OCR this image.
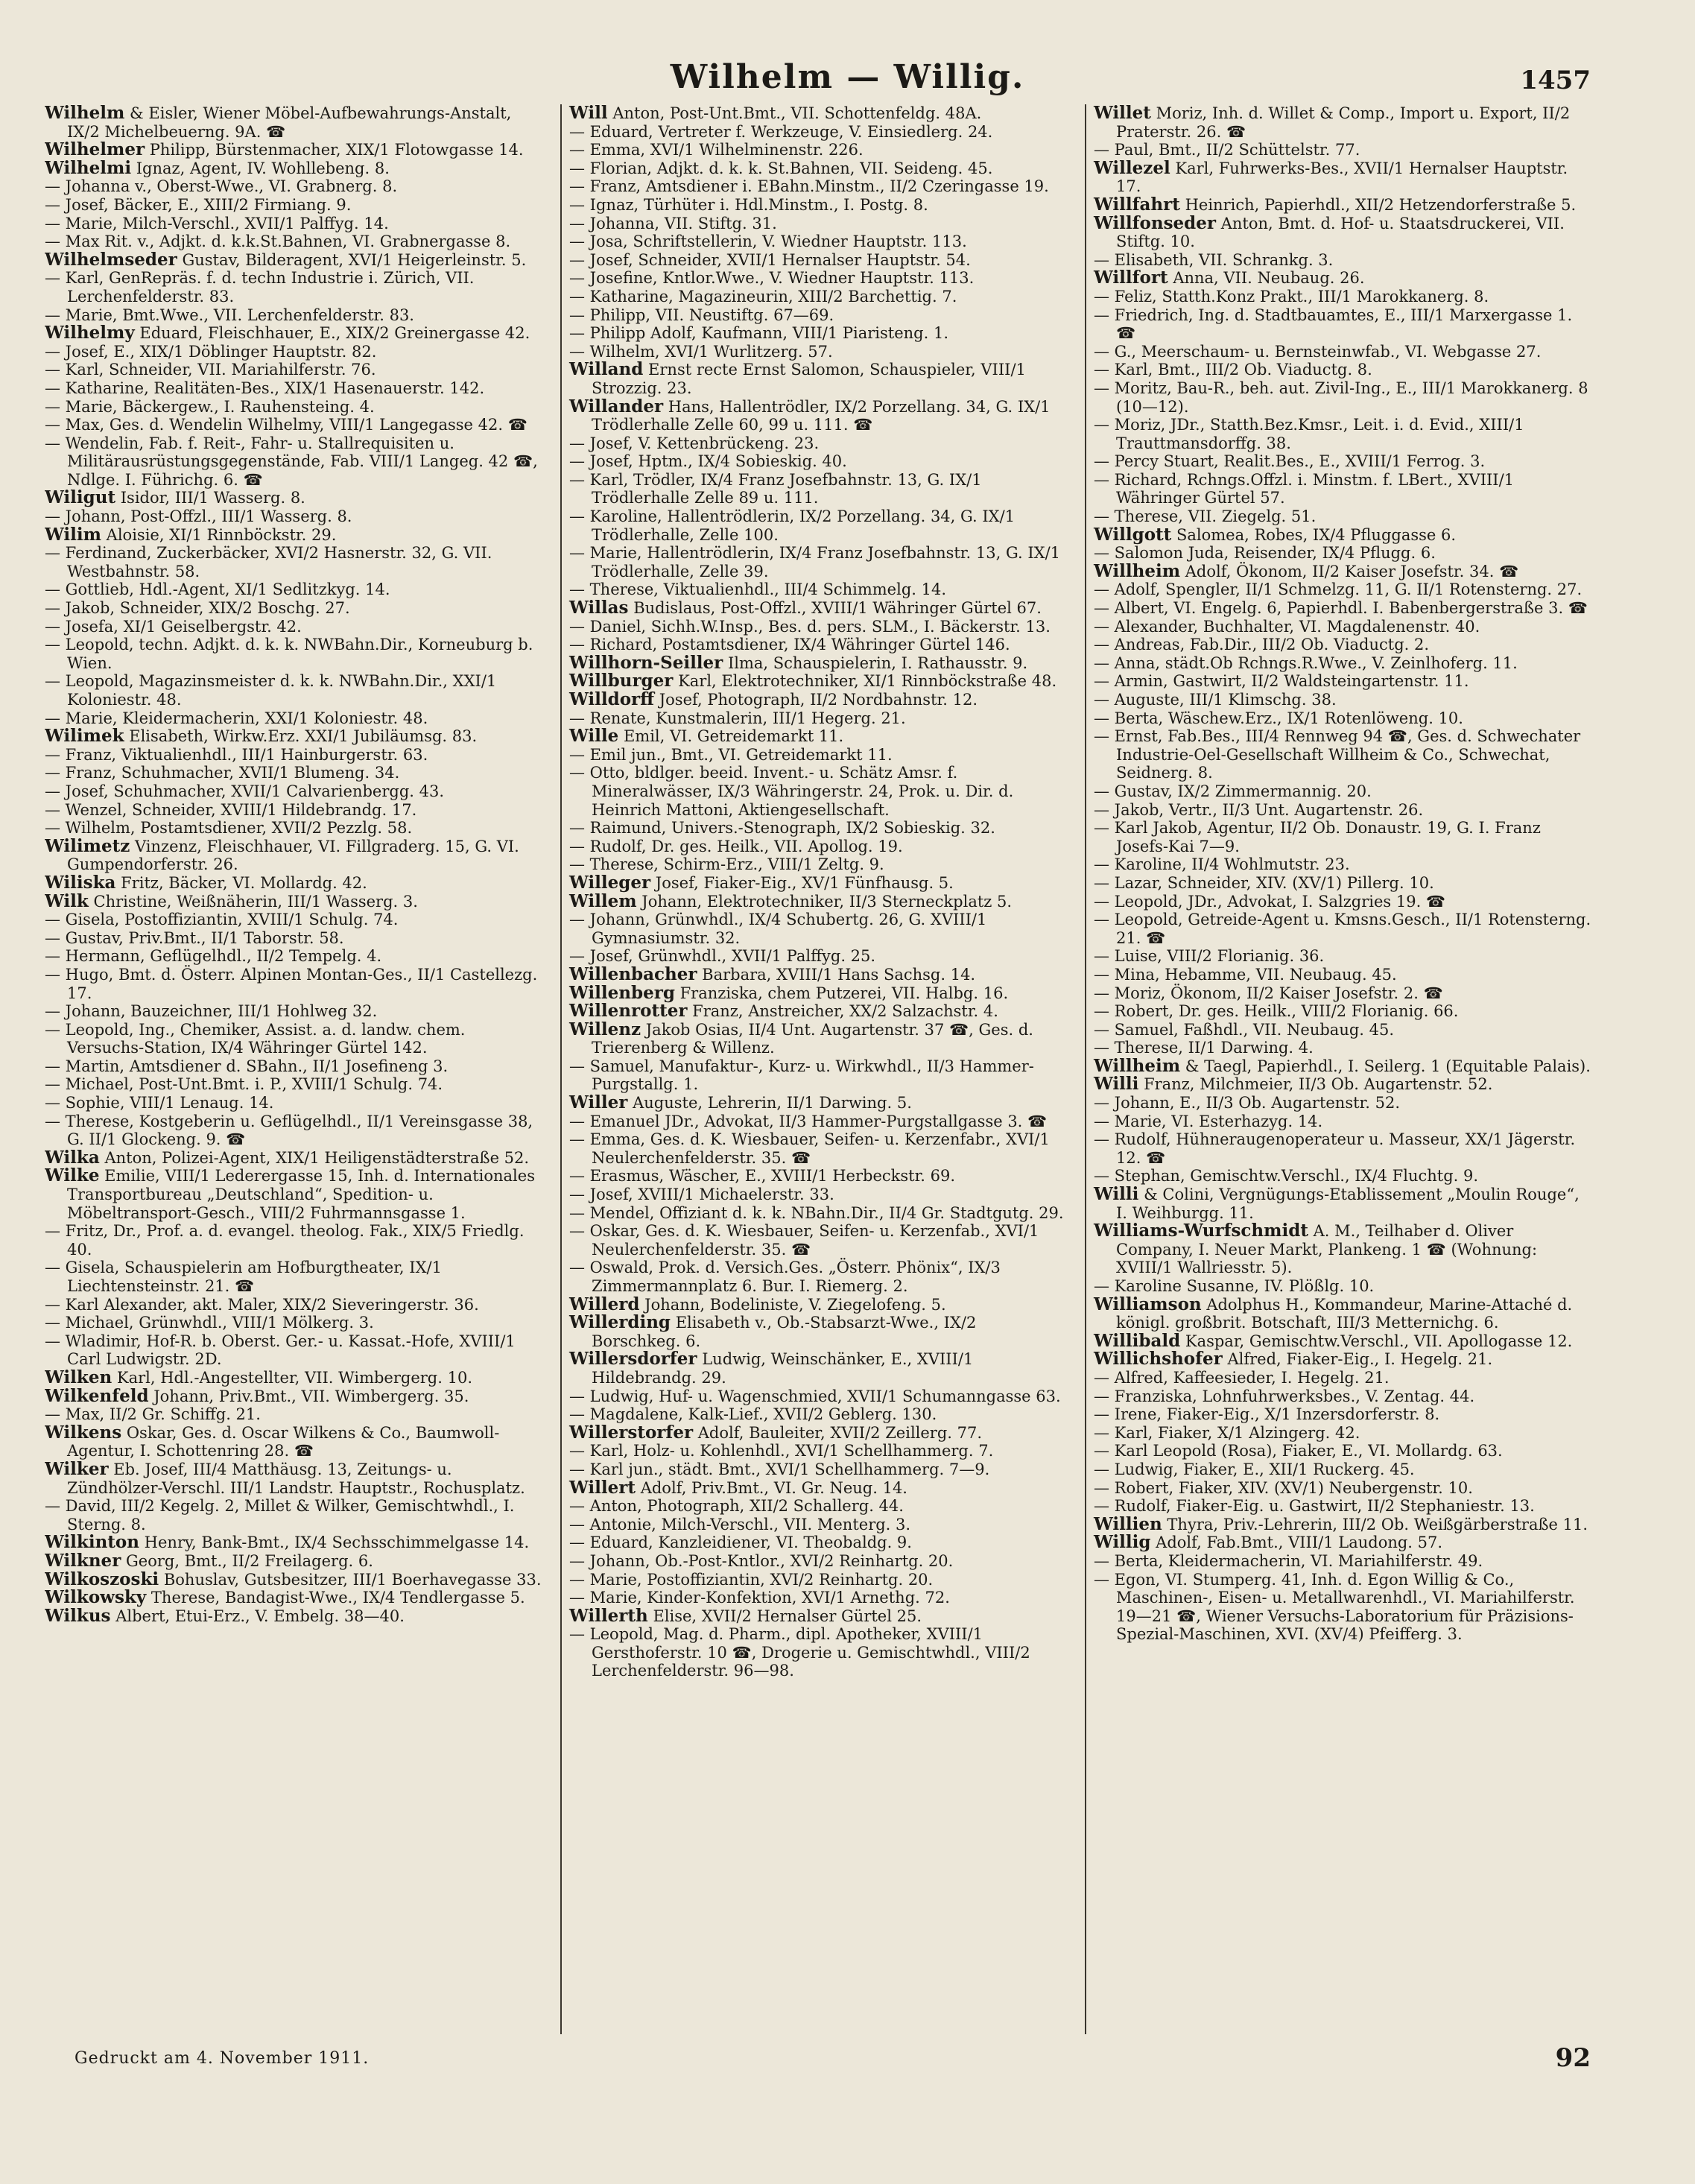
Wilhelm — Willig.	1457
Wilhelm & Eisler, Wiener Möbel-Aufbewahrungs-Anstalt, IX/2 Michelbeuerng. 9A. ☎
Wilhelmer Philipp, Bürstenmacher, XIX/1 Flotowgasse 14.
Wilhelmi Ignaz, Agent, IV. Wohllebeng. 8.
— Johanna v., Oberst-Wwe., VI. Grabnerg. 8.
— Josef, Bäcker, E., XIII/2 Firmiang. 9.
— Marie, Milch-Verschl., XVII/1 Palffyg. 14.
— Max Rit. v., Adjkt. d. k.k.St.Bahnen, VI. Grabnergasse 8.
Wilhelmseder Gustav, Bilderagent, XVI/1 Heigerleinstr. 5.
— Karl, GenRepräs. f. d. techn Industrie i. Zürich, VII. Lerchenfelderstr. 83.
— Marie, Bmt.Wwe., VII. Lerchenfelderstr. 83.
Wilhelmy Eduard, Fleischhauer, E., XIX/2 Greinergasse 42.
— Josef, E., XIX/1 Döblinger Hauptstr. 82.
— Karl, Schneider, VII. Mariahilferstr. 76.
— Katharine, Realitäten-Bes., XIX/1 Hasenauerstr. 142.
— Marie, Bäckergew., I. Rauhensteing. 4.
— Max, Ges. d. Wendelin Wilhelmy, VIII/1 Langegasse 42. ☎
— Wendelin, Fab. f. Reit-, Fahr- u. Stallrequisiten u. Militärausrüstungsgegenstände, Fab. VIII/1 Langeg. 42 ☎, Ndlge. I. Führichg. 6. ☎
Wiligut Isidor, III/1 Wasserg. 8.
— Johann, Post-Offzl., III/1 Wasserg. 8.
Wilim Aloisie, XI/1 Rinnböckstr. 29.
— Ferdinand, Zuckerbäcker, XVI/2 Hasnerstr. 32, G. VII. Westbahnstr. 58.
— Gottlieb, Hdl.-Agent, XI/1 Sedlitzkyg. 14.
— Jakob, Schneider, XIX/2 Boschg. 27.
— Josefa, XI/1 Geiselbergstr. 42.
— Leopold, techn. Adjkt. d. k. k. NWBahn.Dir., Korneuburg b. Wien.
— Leopold, Magazinsmeister d. k. k. NWBahn.Dir., XXI/1 Koloniestr. 48.
— Marie, Kleidermacherin, XXI/1 Koloniestr. 48.
Wilimek Elisabeth, Wirkw.Erz. XXI/1 Jubiläumsg. 83.
— Franz, Viktualienhdl., III/1 Hainburgerstr. 63.
— Franz, Schuhmacher, XVII/1 Blumeng. 34.
— Josef, Schuhmacher, XVII/1 Calvarienbergg. 43.
— Wenzel, Schneider, XVIII/1 Hildebrandg. 17.
— Wilhelm, Postamtsdiener, XVII/2 Pezzlg. 58.
Wilimetz Vinzenz, Fleischhauer, VI. Fillgraderg. 15, G. VI. Gumpendorferstr. 26.
Wiliska Fritz, Bäcker, VI. Mollardg. 42.
Wilk Christine, Weißnäherin, III/1 Wasserg. 3.
— Gisela, Postoffiziantin, XVIII/1 Schulg. 74.
— Gustav, Priv.Bmt., II/1 Taborstr. 58.
— Hermann, Geflügelhdl., II/2 Tempelg. 4.
— Hugo, Bmt. d. Österr. Alpinen Montan-Ges., II/1 Castellezg. 17.
— Johann, Bauzeichner, III/1 Hohlweg 32.
— Leopold, Ing., Chemiker, Assist. a. d. landw. chem. Versuchs-Station, IX/4 Währinger Gürtel 142.
— Martin, Amtsdiener d. SBahn., II/1 Josefineng 3.
— Michael, Post-Unt.Bmt. i. P., XVIII/1 Schulg. 74.
— Sophie, VIII/1 Lenaug. 14.
— Therese, Kostgeberin u. Geflügelhdl., II/1 Vereinsgasse 38, G. II/1 Glockeng. 9. ☎
Wilka Anton, Polizei-Agent, XIX/1 Heiligenstädterstraße 52.
Wilke Emilie, VIII/1 Lederergasse 15, Inh. d. Internationales Transportbureau „Deutschland“, Spedition- u. Möbeltransport-Gesch., VIII/2 Fuhrmannsgasse 1.
— Fritz, Dr., Prof. a. d. evangel. theolog. Fak., XIX/5 Friedlg. 40.
— Gisela, Schauspielerin am Hofburgtheater, IX/1 Liechtensteinstr. 21. ☎
— Karl Alexander, akt. Maler, XIX/2 Sieveringerstr. 36.
— Michael, Grünwhdl., VIII/1 Mölkerg. 3.
— Wladimir, Hof-R. b. Oberst. Ger.- u. Kassat.-Hofe, XVIII/1 Carl Ludwigstr. 2D.
Wilken Karl, Hdl.-Angestellter, VII. Wimbergerg. 10.
Wilkenfeld Johann, Priv.Bmt., VII. Wimbergerg. 35.
— Max, II/2 Gr. Schiffg. 21.
Wilkens Oskar, Ges. d. Oscar Wilkens & Co., Baumwoll-Agentur, I. Schottenring 28. ☎
Wilker Eb. Josef, III/4 Matthäusg. 13, Zeitungs- u. Zündhölzer-Verschl. III/1 Landstr. Hauptstr., Rochusplatz.
— David, III/2 Kegelg. 2, Millet & Wilker, Gemischtwhdl., I. Sterng. 8.
Wilkinton Henry, Bank-Bmt., IX/4 Sechsschimmelgasse 14.
Wilkner Georg, Bmt., II/2 Freilagerg. 6.
Wilkoszoski Bohuslav, Gutsbesitzer, III/1 Boerhavegasse 33.
Wilkowsky Therese, Bandagist-Wwe., IX/4 Tendlergasse 5.
Wilkus Albert, Etui-Erz., V. Embelg. 38—40.
Will Anton, Post-Unt.Bmt., VII. Schottenfeldg. 48A.
— Eduard, Vertreter f. Werkzeuge, V. Einsiedlerg. 24.
— Emma, XVI/1 Wilhelminenstr. 226.
— Florian, Adjkt. d. k. k. St.Bahnen, VII. Seideng. 45.
— Franz, Amtsdiener i. EBahn.Minstm., II/2 Czeringasse 19.
— Ignaz, Türhüter i. Hdl.Minstm., I. Postg. 8.
— Johanna, VII. Stiftg. 31.
— Josa, Schriftstellerin, V. Wiedner Hauptstr. 113.
— Josef, Schneider, XVII/1 Hernalser Hauptstr. 54.
— Josefine, Kntlor.Wwe., V. Wiedner Hauptstr. 113.
— Katharine, Magazineurin, XIII/2 Barchettig. 7.
— Philipp, VII. Neustiftg. 67—69.
— Philipp Adolf, Kaufmann, VIII/1 Piaristeng. 1.
— Wilhelm, XVI/1 Wurlitzerg. 57.
Willand Ernst recte Ernst Salomon, Schauspieler, VIII/1 Strozzig. 23.
Willander Hans, Hallentrödler, IX/2 Porzellang. 34, G. IX/1 Trödlerhalle Zelle 60, 99 u. 111. ☎
— Josef, V. Kettenbrückeng. 23.
— Josef, Hptm., IX/4 Sobieskig. 40.
— Karl, Trödler, IX/4 Franz Josefbahnstr. 13, G. IX/1 Trödlerhalle Zelle 89 u. 111.
— Karoline, Hallentrödlerin, IX/2 Porzellang. 34, G. IX/1 Trödlerhalle, Zelle 100.
— Marie, Hallentrödlerin, IX/4 Franz Josefbahnstr. 13, G. IX/1 Trödlerhalle, Zelle 39.
— Therese, Viktualienhdl., III/4 Schimmelg. 14.
Willas Budislaus, Post-Offzl., XVIII/1 Währinger Gürtel 67.
— Daniel, Sichh.W.Insp., Bes. d. pers. SLM., I. Bäckerstr. 13.
— Richard, Postamtsdiener, IX/4 Währinger Gürtel 146.
Willhorn-Seiller Ilma, Schauspielerin, I. Rathausstr. 9.
Willburger Karl, Elektrotechniker, XI/1 Rinnböckstraße 48.
Willdorff Josef, Photograph, II/2 Nordbahnstr. 12.
— Renate, Kunstmalerin, III/1 Hegerg. 21.
Wille Emil, VI. Getreidemarkt 11.
— Emil jun., Bmt., VI. Getreidemarkt 11.
— Otto, bldlger. beeid. Invent.- u. Schätz Amsr. f. Mineralwässer, IX/3 Währingerstr. 24, Prok. u. Dir. d. Heinrich Mattoni, Aktiengesellschaft.
— Raimund, Univers.-Stenograph, IX/2 Sobieskig. 32.
— Rudolf, Dr. ges. Heilk., VII. Apollog. 19.
— Therese, Schirm-Erz., VIII/1 Zeltg. 9.
Willeger Josef, Fiaker-Eig., XV/1 Fünfhausg. 5.
Willem Johann, Elektrotechniker, II/3 Sterneckplatz 5.
— Johann, Grünwhdl., IX/4 Schubertg. 26, G. XVIII/1 Gymnasiumstr. 32.
— Josef, Grünwhdl., XVII/1 Palffyg. 25.
Willenbacher Barbara, XVIII/1 Hans Sachsg. 14.
Willenberg Franziska, chem Putzerei, VII. Halbg. 16.
Willenrotter Franz, Anstreicher, XX/2 Salzachstr. 4.
Willenz Jakob Osias, II/4 Unt. Augartenstr. 37 ☎, Ges. d. Trierenberg & Willenz.
— Samuel, Manufaktur-, Kurz- u. Wirkwhdl., II/3 Hammer-Purgstallg. 1.
Willer Auguste, Lehrerin, II/1 Darwing. 5.
— Emanuel JDr., Advokat, II/3 Hammer-Purgstallgasse 3. ☎
— Emma, Ges. d. K. Wiesbauer, Seifen- u. Kerzenfabr., XVI/1 Neulerchenfelderstr. 35. ☎
— Erasmus, Wäscher, E., XVIII/1 Herbeckstr. 69.
— Josef, XVIII/1 Michaelerstr. 33.
— Mendel, Offiziant d. k. k. NBahn.Dir., II/4 Gr. Stadtgutg. 29.
— Oskar, Ges. d. K. Wiesbauer, Seifen- u. Kerzenfab., XVI/1 Neulerchenfelderstr. 35. ☎
— Oswald, Prok. d. Versich.Ges. „Österr. Phönix“, IX/3 Zimmermannplatz 6. Bur. I. Riemerg. 2.
Willerd Johann, Bodeliniste, V. Ziegelofeng. 5.
Willerding Elisabeth v., Ob.-Stabsarzt-Wwe., IX/2 Borschkeg. 6.
Willersdorfer Ludwig, Weinschänker, E., XVIII/1 Hildebrandg. 29.
— Ludwig, Huf- u. Wagenschmied, XVII/1 Schumanngasse 63.
— Magdalene, Kalk-Lief., XVII/2 Geblerg. 130.
Willerstorfer Adolf, Bauleiter, XVII/2 Zeillerg. 77.
— Karl, Holz- u. Kohlenhdl., XVI/1 Schellhammerg. 7.
— Karl jun., städt. Bmt., XVI/1 Schellhammerg. 7—9.
Willert Adolf, Priv.Bmt., VI. Gr. Neug. 14.
— Anton, Photograph, XII/2 Schallerg. 44.
— Antonie, Milch-Verschl., VII. Menterg. 3.
— Eduard, Kanzleidiener, VI. Theobaldg. 9.
— Johann, Ob.-Post-Kntlor., XVI/2 Reinhartg. 20.
— Marie, Postoffiziantin, XVI/2 Reinhartg. 20.
— Marie, Kinder-Konfektion, XVI/1 Arnethg. 72.
Willerth Elise, XVII/2 Hernalser Gürtel 25.
— Leopold, Mag. d. Pharm., dipl. Apotheker, XVIII/1 Gersthoferstr. 10 ☎, Drogerie u. Gemischtwhdl., VIII/2 Lerchenfelderstr. 96—98.
Willet Moriz, Inh. d. Willet & Comp., Import u. Export, II/2 Praterstr. 26. ☎
— Paul, Bmt., II/2 Schüttelstr. 77.
Willezel Karl, Fuhrwerks-Bes., XVII/1 Hernalser Hauptstr. 17.
Willfahrt Heinrich, Papierhdl., XII/2 Hetzendorferstraße 5.
Willfonseder Anton, Bmt. d. Hof- u. Staatsdruckerei, VII. Stiftg. 10.
— Elisabeth, VII. Schrankg. 3.
Willfort Anna, VII. Neubaug. 26.
— Feliz, Statth.Konz Prakt., III/1 Marokkanerg. 8.
— Friedrich, Ing. d. Stadtbauamtes, E., III/1 Marxergasse 1. ☎
— G., Meerschaum- u. Bernsteinwfab., VI. Webgasse 27.
— Karl, Bmt., III/2 Ob. Viaductg. 8.
— Moritz, Bau-R., beh. aut. Zivil-Ing., E., III/1 Marokkanerg. 8 (10—12).
— Moriz, JDr., Statth.Bez.Kmsr., Leit. i. d. Evid., XIII/1 Trauttmansdorffg. 38.
— Percy Stuart, Realit.Bes., E., XVIII/1 Ferrog. 3.
— Richard, Rchngs.Offzl. i. Minstm. f. LBert., XVIII/1 Währinger Gürtel 57.
— Therese, VII. Ziegelg. 51.
Willgott Salomea, Robes, IX/4 Pfluggasse 6.
— Salomon Juda, Reisender, IX/4 Pflugg. 6.
Willheim Adolf, Ökonom, II/2 Kaiser Josefstr. 34. ☎
— Adolf, Spengler, II/1 Schmelzg. 11, G. II/1 Rotensterng. 27.
— Albert, VI. Engelg. 6, Papierhdl. I. Babenbergerstraße 3. ☎
— Alexander, Buchhalter, VI. Magdalenenstr. 40.
— Andreas, Fab.Dir., III/2 Ob. Viaductg. 2.
— Anna, städt.Ob Rchngs.R.Wwe., V. Zeinlhoferg. 11.
— Armin, Gastwirt, II/2 Waldsteingartenstr. 11.
— Auguste, III/1 Klimschg. 38.
— Berta, Wäschew.Erz., IX/1 Rotenlöweng. 10.
— Ernst, Fab.Bes., III/4 Rennweg 94 ☎, Ges. d. Schwechater Industrie-Oel-Gesellschaft Willheim & Co., Schwechat, Seidnerg. 8.
— Gustav, IX/2 Zimmermannig. 20.
— Jakob, Vertr., II/3 Unt. Augartenstr. 26.
— Karl Jakob, Agentur, II/2 Ob. Donaustr. 19, G. I. Franz Josefs-Kai 7—9.
— Karoline, II/4 Wohlmutstr. 23.
— Lazar, Schneider, XIV. (XV/1) Pillerg. 10.
— Leopold, JDr., Advokat, I. Salzgries 19. ☎
— Leopold, Getreide-Agent u. Kmsns.Gesch., II/1 Rotensterng. 21. ☎
— Luise, VIII/2 Florianig. 36.
— Mina, Hebamme, VII. Neubaug. 45.
— Moriz, Ökonom, II/2 Kaiser Josefstr. 2. ☎
— Robert, Dr. ges. Heilk., VIII/2 Florianig. 66.
— Samuel, Faßhdl., VII. Neubaug. 45.
— Therese, II/1 Darwing. 4.
Willheim & Taegl, Papierhdl., I. Seilerg. 1 (Equitable Palais).
Willi Franz, Milchmeier, II/3 Ob. Augartenstr. 52.
— Johann, E., II/3 Ob. Augartenstr. 52.
— Marie, VI. Esterhazyg. 14.
— Rudolf, Hühneraugenoperateur u. Masseur, XX/1 Jägerstr. 12. ☎
— Stephan, Gemischtw.Verschl., IX/4 Fluchtg. 9.
Willi & Colini, Vergnügungs-Etablissement „Moulin Rouge“, I. Weihburgg. 11.
Williams-Wurfschmidt A. M., Teilhaber d. Oliver Company, I. Neuer Markt, Plankeng. 1 ☎ (Wohnung: XVIII/1 Wallriesstr. 5).
— Karoline Susanne, IV. Plößlg. 10.
Williamson Adolphus H., Kommandeur, Marine-Attaché d. königl. großbrit. Botschaft, III/3 Metternichg. 6.
Willibald Kaspar, Gemischtw.Verschl., VII. Apollogasse 12.
Willichshofer Alfred, Fiaker-Eig., I. Hegelg. 21.
— Alfred, Kaffeesieder, I. Hegelg. 21.
— Franziska, Lohnfuhrwerksbes., V. Zentag. 44.
— Irene, Fiaker-Eig., X/1 Inzersdorferstr. 8.
— Karl, Fiaker, X/1 Alzingerg. 42.
— Karl Leopold (Rosa), Fiaker, E., VI. Mollardg. 63.
— Ludwig, Fiaker, E., XII/1 Ruckerg. 45.
— Robert, Fiaker, XIV. (XV/1) Neubergenstr. 10.
— Rudolf, Fiaker-Eig. u. Gastwirt, II/2 Stephaniestr. 13.
Willien Thyra, Priv.-Lehrerin, III/2 Ob. Weißgärberstraße 11.
Willig Adolf, Fab.Bmt., VIII/1 Laudong. 57.
— Berta, Kleidermacherin, VI. Mariahilferstr. 49.
— Egon, VI. Stumperg. 41, Inh. d. Egon Willig & Co., Maschinen-, Eisen- u. Metallwarenhdl., VI. Mariahilferstr. 19—21 ☎, Wiener Versuchs-Laboratorium für Präzisions-Spezial-Maschinen, XVI. (XV/4) Pfeifferg. 3.
Gedruckt am 4. November 1911.	92
